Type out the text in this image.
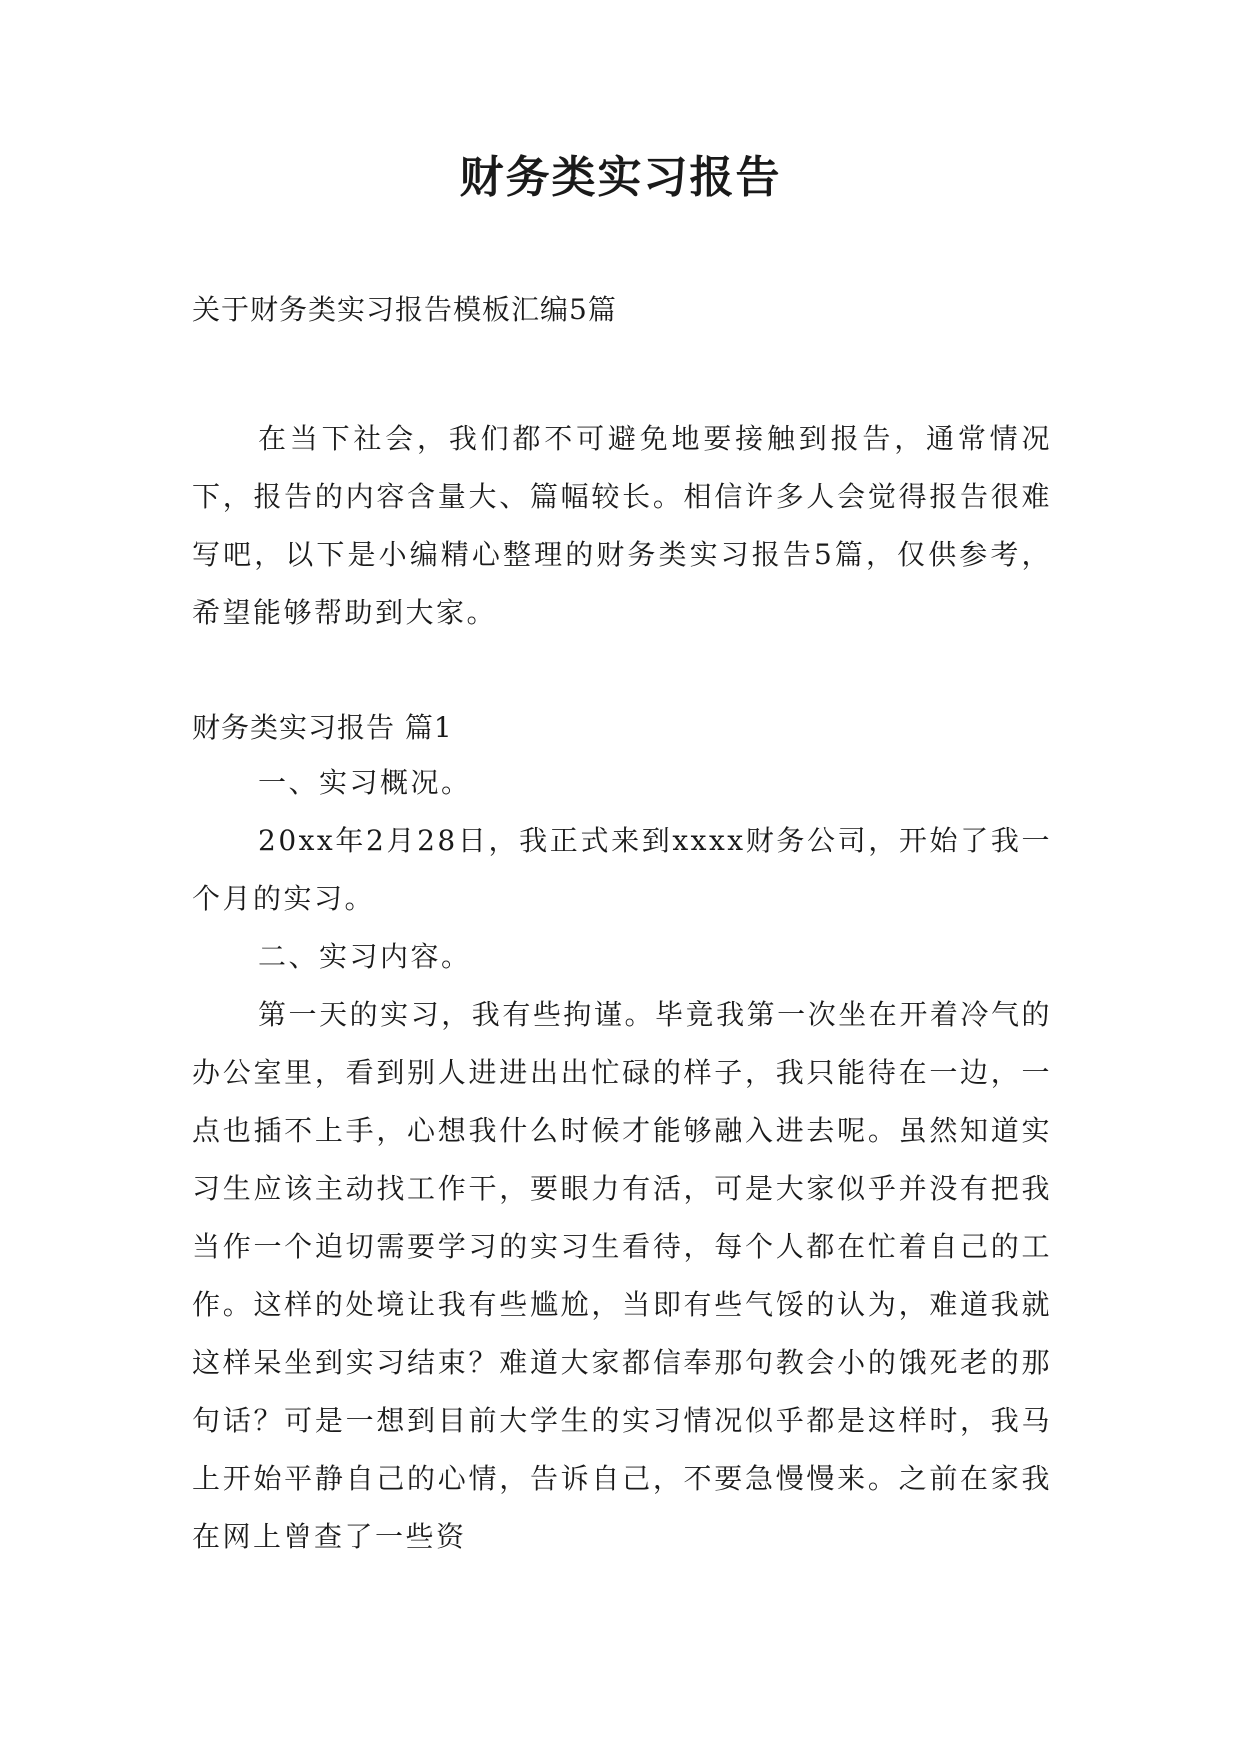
财务类实习报告
关于财务类实习报告模板汇编5篇

在当下社会，我们都不可避免地要接触到报告，通常情况下，报告的内容含量大、篇幅较长。相信许多人会觉得报告很难写吧，以下是小编精心整理的财务类实习报告5篇，仅供参考，希望能够帮助到大家。

财务类实习报告 篇1

一、实习概况。

20xx年2月28日，我正式来到xxxx财务公司，开始了我一个月的实习。

二、实习内容。

第一天的实习，我有些拘谨。毕竟我第一次坐在开着冷气的办公室里，看到别人进进出出忙碌的样子，我只能待在一边，一点也插不上手，心想我什么时候才能够融入进去呢。虽然知道实习生应该主动找工作干，要眼力有活，可是大家似乎并没有把我当作一个迫切需要学习的实习生看待，每个人都在忙着自己的工作。这样的处境让我有些尴尬，当即有些气馁的认为，难道我就这样呆坐到实习结束？难道大家都信奉那句教会小的饿死老的那句话？可是一想到目前大学生的实习情况似乎都是这样时，我马上开始平静自己的心情，告诉自己，不要急慢慢来。之前在家我在网上曾查了一些资
